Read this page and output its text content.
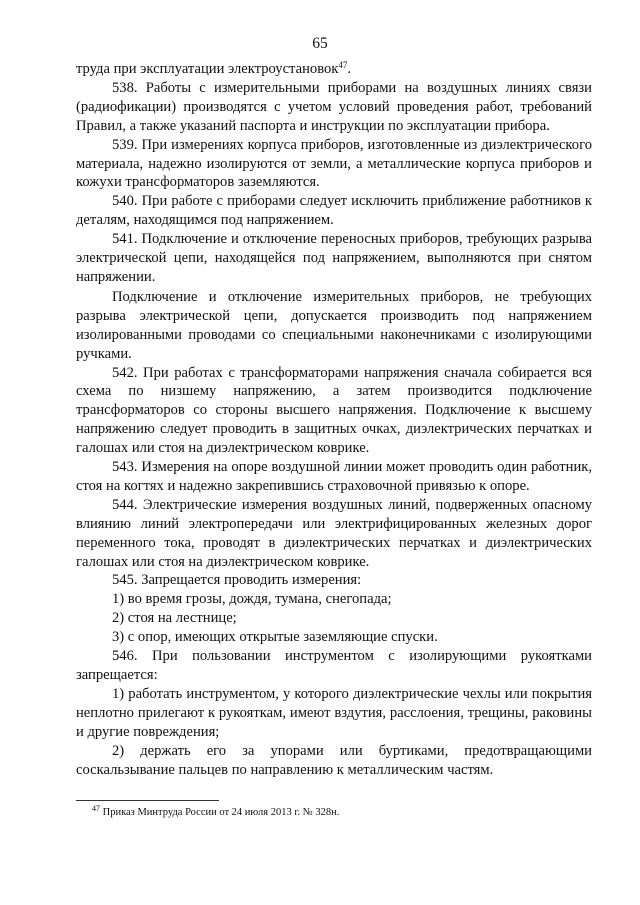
65

труда при эксплуатации электроустановок$^{47}$.

538. Работы с измерительными приборами на воздушных линиях связи (радиофикации) производятся с учетом условий проведения работ, требований Правил, а также указаний паспорта и инструкции по эксплуатации прибора.

539. При измерениях корпуса приборов, изготовленные из диэлектрического материала, надежно изолируются от земли, а металлические корпуса приборов и кожухи трансформаторов заземляются.

540. При работе с приборами следует исключить приближение работников к деталям, находящимся под напряжением.

541. Подключение и отключение переносных приборов, требующих разрыва электрической цепи, находящейся под напряжением, выполняются при снятом напряжении.

Подключение и отключение измерительных приборов, не требующих разрыва электрической цепи, допускается производить под напряжением изолированными проводами со специальными наконечниками с изолирующими ручками.

542. При работах с трансформаторами напряжения сначала собирается вся схема по низшему напряжению, а затем производится подключение трансформаторов со стороны высшего напряжения. Подключение к высшему напряжению следует проводить в защитных очках, диэлектрических перчатках и галошах или стоя на диэлектрическом коврике.

543. Измерения на опоре воздушной линии может проводить один работник, стоя на когтях и надежно закрепившись страховочной привязью к опоре.

544. Электрические измерения воздушных линий, подверженных опасному влиянию линий электропередачи или электрифицированных железных дорог переменного тока, проводят в диэлектрических перчатках и диэлектрических галошах или стоя на диэлектрическом коврике.

545. Запрещается проводить измерения:

1) во время грозы, дождя, тумана, снегопада;

2) стоя на лестнице;

3) с опор, имеющих открытые заземляющие спуски.

546. При пользовании инструментом с изолирующими рукоятками запрещается:

1) работать инструментом, у которого диэлектрические чехлы или покрытия неплотно прилегают к рукояткам, имеют вздутия, расслоения, трещины, раковины и другие повреждения;

2) держать его за упорами или буртиками, предотвращающими соскальзывание пальцев по направлению к металлическим частям.

$^{47}$ Приказ Минтруда России от 24 июля 2013 г. № 328н.
